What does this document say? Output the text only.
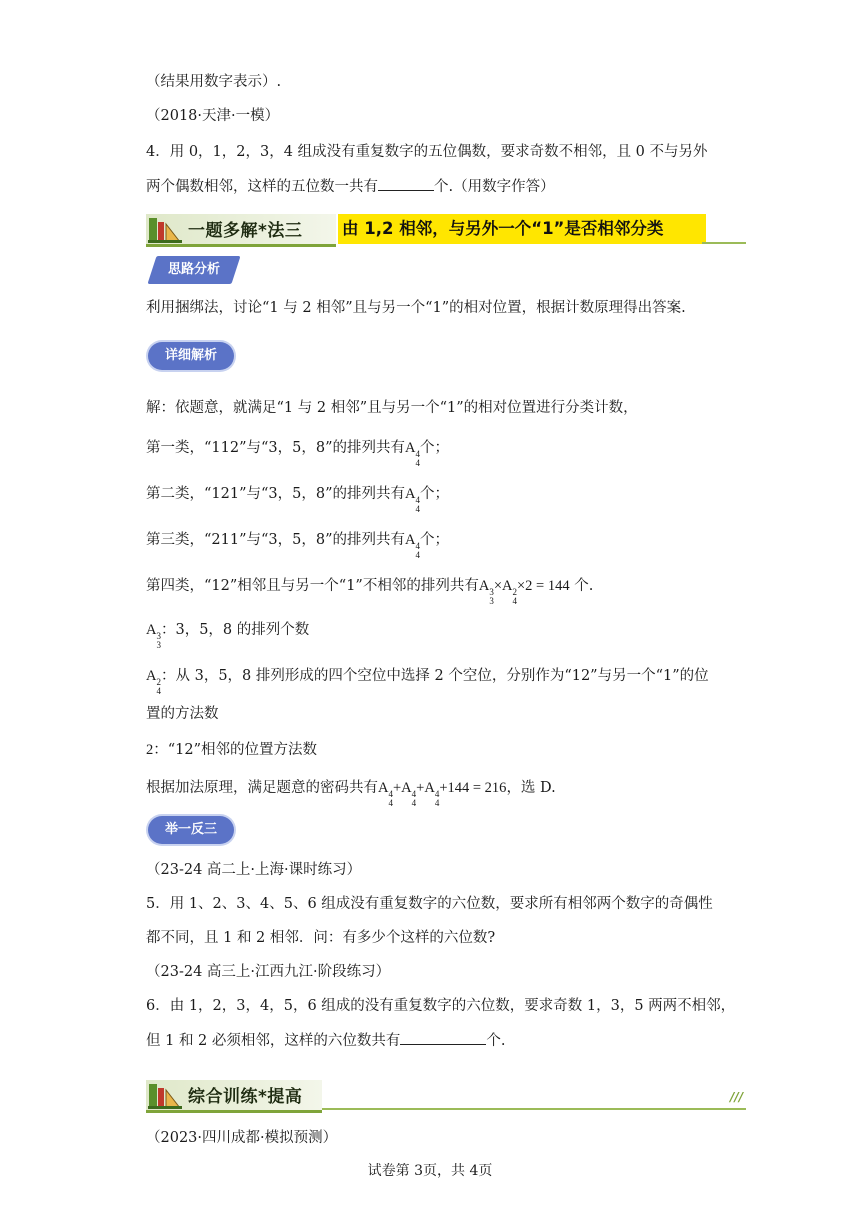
（结果用数字表示）.
（2018·天津·一模）
4．用 0，1，2，3，4 组成没有重复数字的五位偶数，要求奇数不相邻，且 0 不与另外
两个偶数相邻，这样的五位数一共有	个.（用数字作答）
一题多解*法三 由 1,2 相邻，与另外一个“1”是否相邻分类
思路分析
利用捆绑法，讨论“1 与 2 相邻”且与另一个“1”的相对位置，根据计数原理得出答案.
详细解析
解：依题意，就满足“1 与 2 相邻”且与另一个“1”的相对位置进行分类计数，
第一类，“112”与“3，5，8”的排列共有A 4
4
个；
第二类，“121”与“3，5，8”的排列共有A 4
4
个；
第三类，“211”与“3，5，8”的排列共有A 4
4
个；
第四类，“12”相邻且与另一个“1”不相邻的排列共有A 3
3
×A 2
4
×2 = 144 个.
A 3
3
：3，5，8 的排列个数
A 2
4
：从 3，5，8 排列形成的四个空位中选择 2 个空位，分别作为“12”与另一个“1”的位
置的方法数
2：“12”相邻的位置方法数
根据加法原理，满足题意的密码共有A 4
4
+A 4
4
+A 4
4
+144 = 216，选 D.
举一反三
（23-24 高二上·上海·课时练习）
5．用 1、2、3、4、5、6 组成没有重复数字的六位数，要求所有相邻两个数字的奇偶性
都不同，且 1 和 2 相邻．问：有多少个这样的六位数?
（23-24 高三上·江西九江·阶段练习）
6．由 1，2，3，4，5，6 组成的没有重复数字的六位数，要求奇数 1，3，5 两两不相邻，
但 1 和 2 必须相邻，这样的六位数共有	个.
综合训练*提高	///
（2023·四川成都·模拟预测）
试卷第 3页，共 4页
